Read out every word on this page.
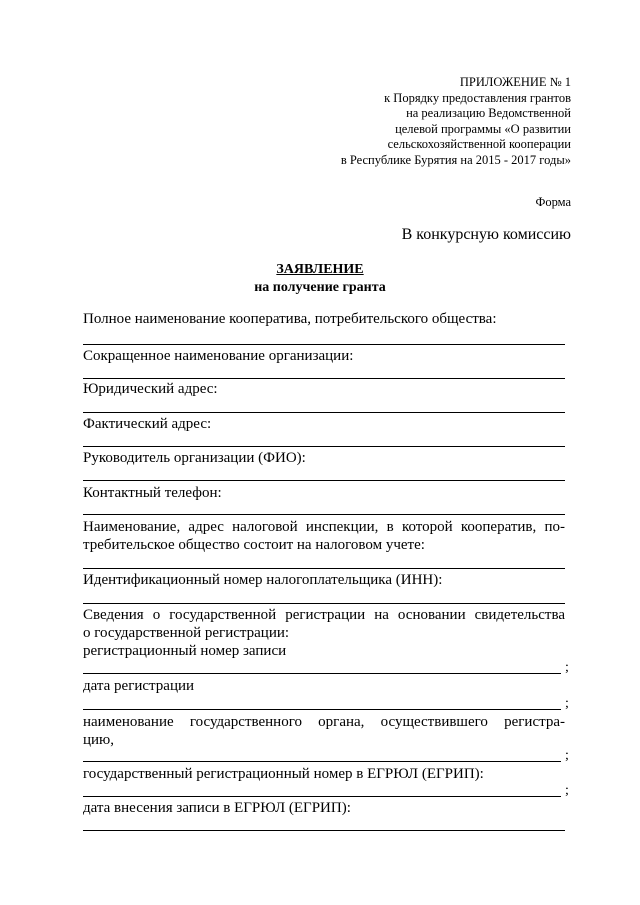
ПРИЛОЖЕНИЕ № 1
к Порядку предоставления грантов
на реализацию Ведомственной
целевой программы «О развитии
сельскохозяйственной кооперации
в Республике Бурятия на 2015 - 2017 годы»
Форма
В конкурсную комиссию
ЗАЯВЛЕНИЕ
на получение гранта
Полное наименование кооператива, потребительского общества:
Сокращенное наименование организации:
Юридический адрес:
Фактический адрес:
Руководитель организации (ФИО):
Контактный телефон:
Наименование, адрес налоговой инспекции, в которой кооператив, по-
требительское общество состоит на налоговом учете:
Идентификационный номер налогоплательщика (ИНН):
Сведения о государственной регистрации на основании свидетельства
о государственной регистрации:
регистрационный номер записи
;
дата регистрации
;
наименование государственного органа, осуществившего регистра-
цию,
;
государственный регистрационный номер в ЕГРЮЛ (ЕГРИП):
;
дата внесения записи в ЕГРЮЛ (ЕГРИП):
